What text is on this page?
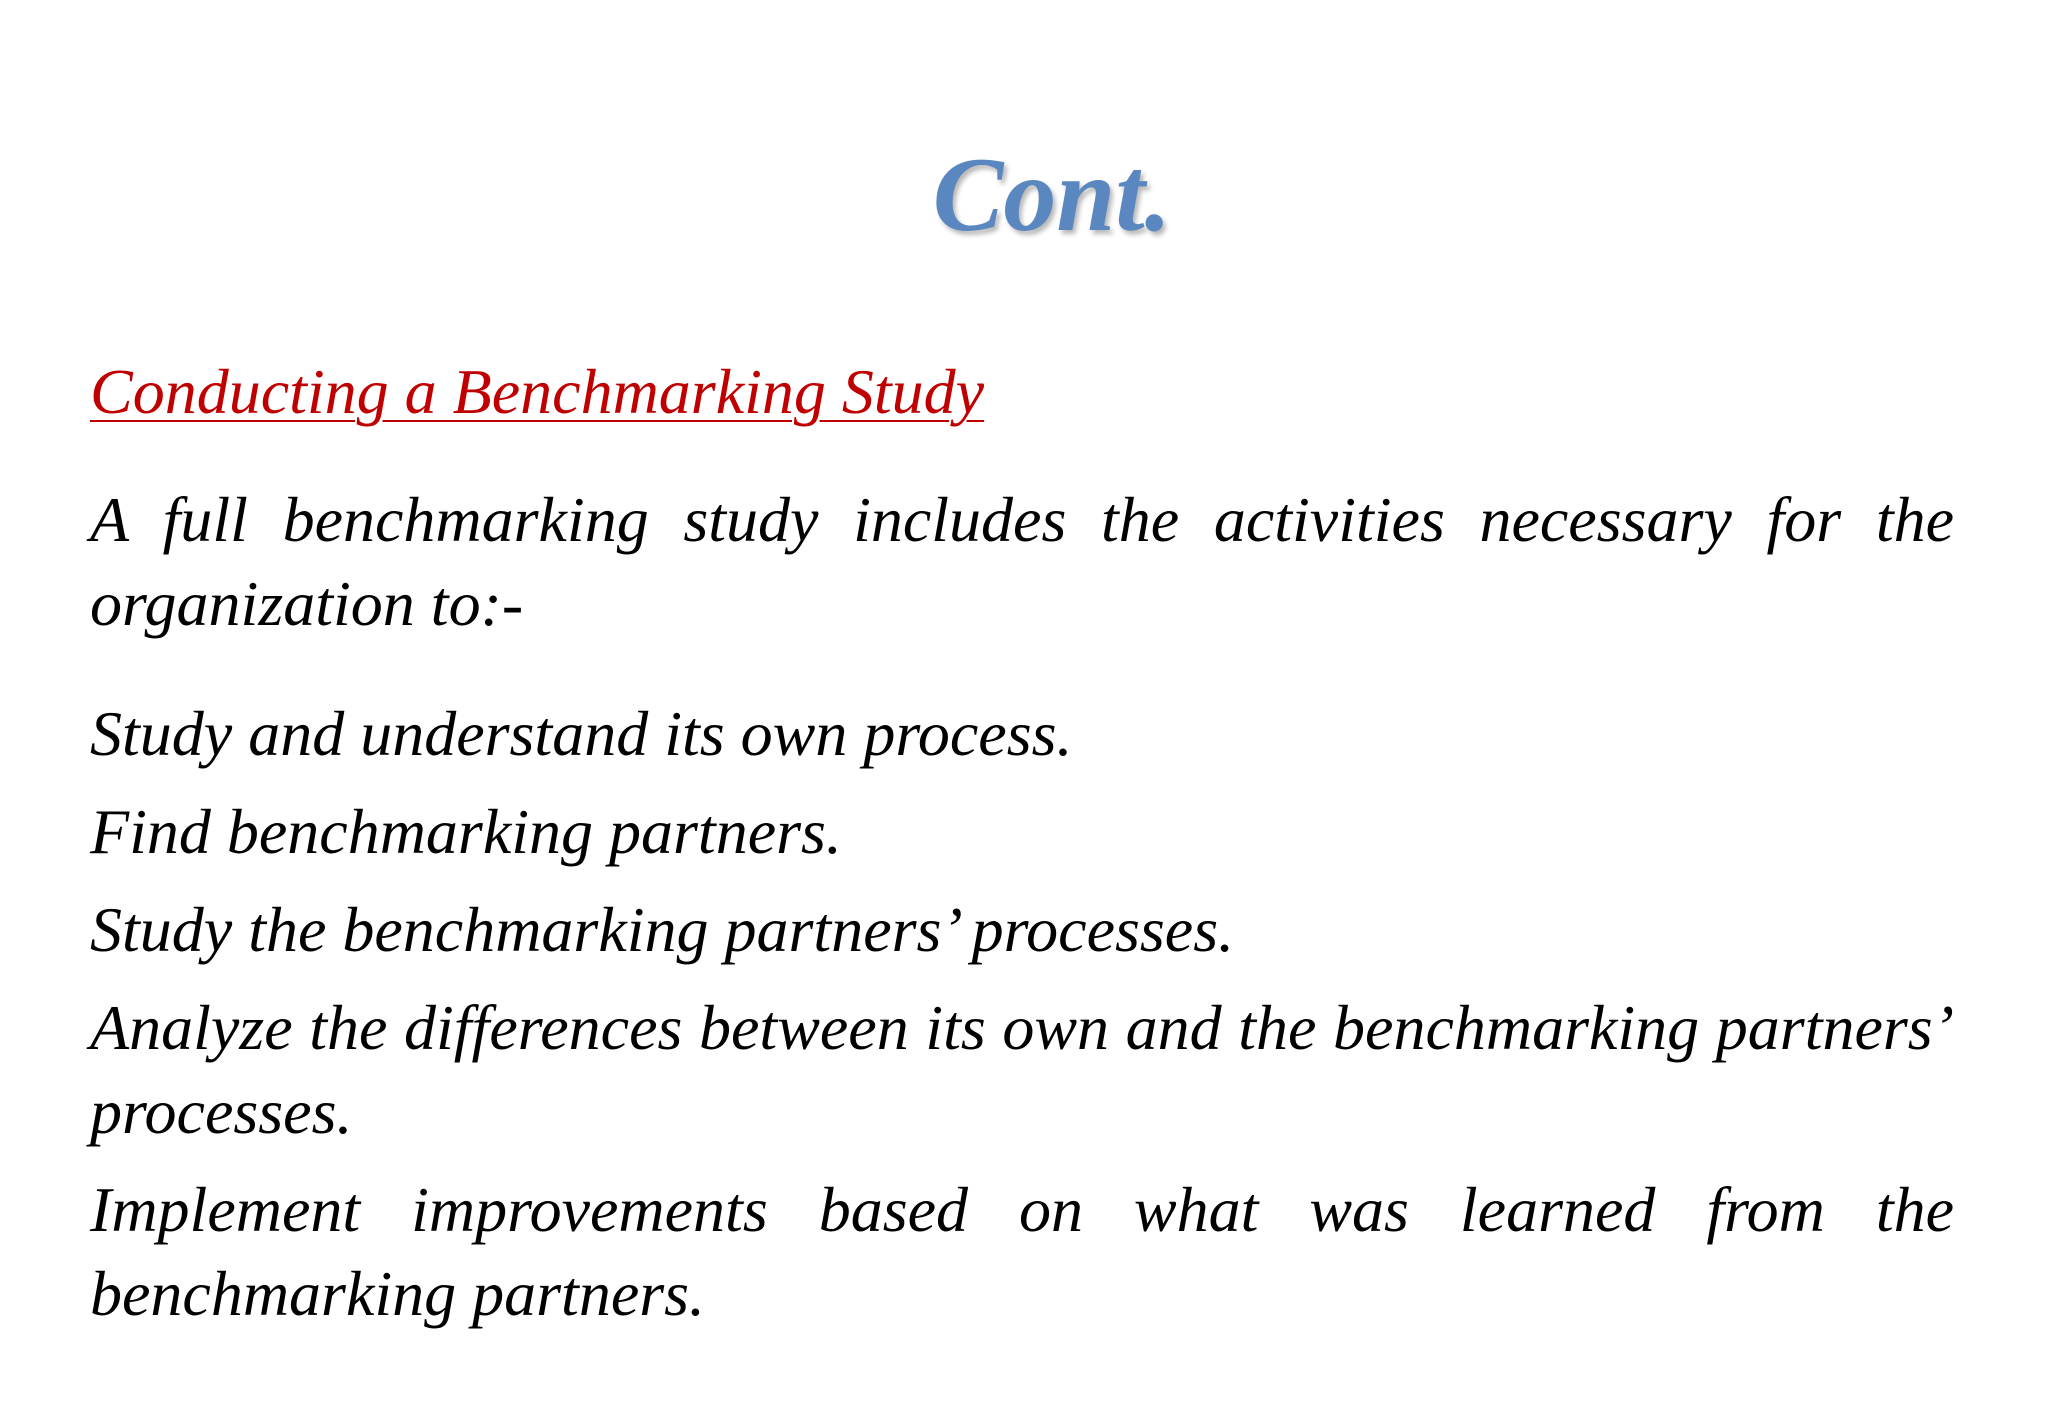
Cont.

Conducting a Benchmarking Study

A full benchmarking study includes the activities necessary for the organization to:-

Study and understand its own process.
Find benchmarking partners.
Study the benchmarking partners’ processes.
Analyze the differences between its own and the benchmarking partners’ processes.
Implement improvements based on what was learned from the benchmarking partners.
